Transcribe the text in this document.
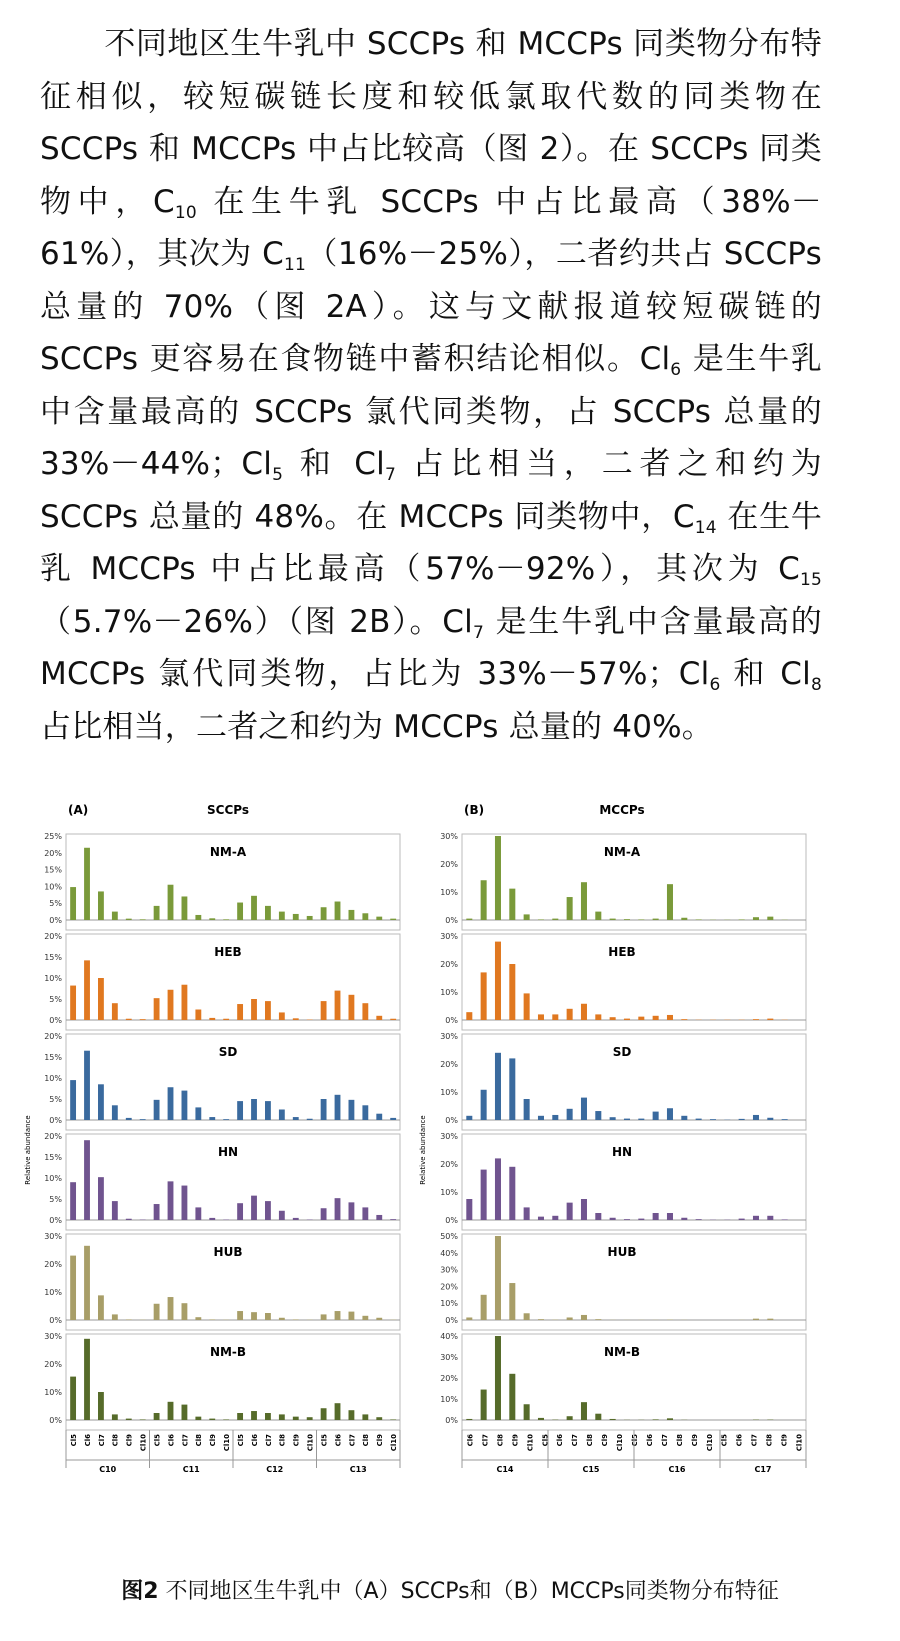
不同地区生牛乳中 SCCPs 和 MCCPs 同类物分布特征相似，较短碳链长度和较低氯取代数的同类物在 SCCPs 和 MCCPs 中占比较高（图 2）。在 SCCPs 同类物中，$C_{10}$ 在生牛乳 SCCPs 中占比最高（38%－61%），其次为 $C_{11}(16\%-25\%)$，二者约共占 SCCPs 总量的 70%（图 2A）。这与文献报道较短碳链的 SCCPs 更容易在食物链中蓄积结论相似。$Cl_6$ 是生牛乳中含量最高的 SCCPs 氯代同类物，占 SCCPs 总量的 33%－44%；$Cl_5$ 和 $Cl_7$ 占比相当，二者之和约为 SCCPs 总量的 48%。在 MCCPs 同类物中，$C_{14}$ 在生牛乳 MCCPs 中占比最高（57%－92%），其次为 $C_{15}(5.7\%-26\%)$（图 2B）。$Cl_7$ 是生牛乳中含量最高的 MCCPs 氯代同类物，占比为 33%－57%；$Cl_6$ 和 $Cl_8$ 占比相当，二者之和约为 MCCPs 总量的 40%。

(A)	SCCPs
Relative abundance
0%
5%
10%
15%
20%
25%
NM-A
0%
5%
10%
15%
20%
HEB
0%
5%
10%
15%
20%
SD
0%
5%
10%
15%
20%
HN
0%
10%
20%
30%
HUB
0%
10%
20%
30%
NM-B
Cl5 Cl6 Cl7 Cl8 Cl9 Cl10 Cl5 Cl6 Cl7 Cl8 Cl9 Cl10 Cl5 Cl6 Cl7 Cl8 Cl9 Cl10 Cl5 Cl6 Cl7 Cl8 Cl9 Cl10
C10	C11	C12	C13
(B)	MCCPs
Relative abundance
0%
10%
20%
30%
NM-A
0%
10%
20%
30%
HEB
0%
10%
20%
30%
SD
0%
10%
20%
30%
HN
0%
10%
20%
30%
40%
50%
HUB
0%
10%
20%
30%
40%
NM-B
Cl6 Cl7 Cl8 Cl9 Cl10 Cl5 Cl6 Cl7 Cl8 Cl9 Cl10 Cl5 Cl6 Cl7 Cl8 Cl9 Cl10 Cl5 Cl6 Cl7 Cl8 Cl9 Cl10
C14	C15	C16	C17
图2 不同地区生牛乳中（A）SCCPs和（B）MCCPs同类物分布特征
